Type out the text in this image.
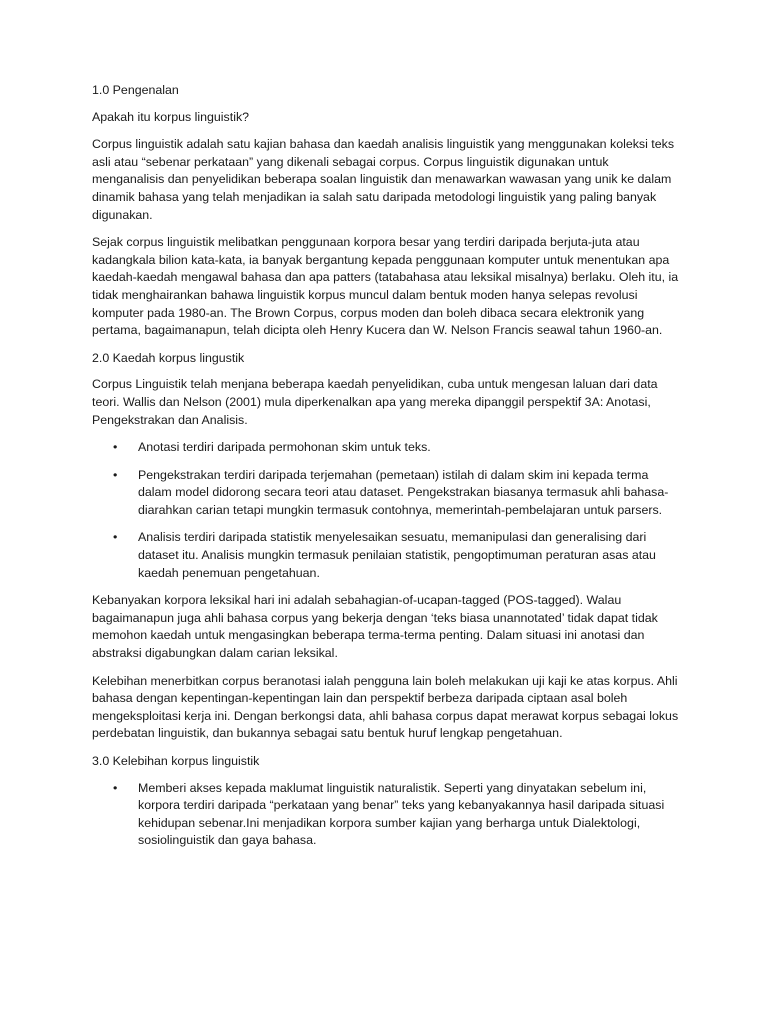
1.0 Pengenalan
Apakah itu korpus linguistik?
Corpus linguistik adalah satu kajian bahasa dan kaedah analisis linguistik yang menggunakan koleksi teks asli atau “sebenar perkataan” yang dikenali sebagai corpus. Corpus linguistik digunakan untuk menganalisis dan penyelidikan beberapa soalan linguistik dan menawarkan wawasan yang unik ke dalam dinamik bahasa yang telah menjadikan ia salah satu daripada metodologi linguistik yang paling banyak digunakan.
Sejak corpus linguistik melibatkan penggunaan korpora besar yang terdiri daripada berjuta-juta atau kadangkala bilion kata-kata, ia banyak bergantung kepada penggunaan komputer untuk menentukan apa kaedah-kaedah mengawal bahasa dan apa patters (tatabahasa atau leksikal misalnya) berlaku. Oleh itu, ia tidak menghairankan bahawa linguistik korpus muncul dalam bentuk moden hanya selepas revolusi komputer pada 1980-an. The Brown Corpus, corpus moden dan boleh dibaca secara elektronik yang pertama, bagaimanapun, telah dicipta oleh Henry Kucera dan W. Nelson Francis seawal tahun 1960-an.
2.0 Kaedah korpus lingustik
Corpus Linguistik telah menjana beberapa kaedah penyelidikan, cuba untuk mengesan laluan dari data teori. Wallis dan Nelson (2001) mula diperkenalkan apa yang mereka dipanggil perspektif 3A: Anotasi, Pengekstrakan dan Analisis.
• Anotasi terdiri daripada permohonan skim untuk teks.
• Pengekstrakan terdiri daripada terjemahan (pemetaan) istilah di dalam skim ini kepada terma dalam model didorong secara teori atau dataset. Pengekstrakan biasanya termasuk ahli bahasa-diarahkan carian tetapi mungkin termasuk contohnya, memerintah-pembelajaran untuk parsers.
• Analisis terdiri daripada statistik menyelesaikan sesuatu, memanipulasi dan generalising dari dataset itu. Analisis mungkin termasuk penilaian statistik, pengoptimuman peraturan asas atau kaedah penemuan pengetahuan.
Kebanyakan korpora leksikal hari ini adalah sebahagian-of-ucapan-tagged (POS-tagged). Walau bagaimanapun juga ahli bahasa corpus yang bekerja dengan ‘teks biasa unannotated’ tidak dapat tidak memohon kaedah untuk mengasingkan beberapa terma-terma penting. Dalam situasi ini anotasi dan abstraksi digabungkan dalam carian leksikal.
Kelebihan menerbitkan corpus beranotasi ialah pengguna lain boleh melakukan uji kaji ke atas korpus. Ahli bahasa dengan kepentingan-kepentingan lain dan perspektif berbeza daripada ciptaan asal boleh mengeksploitasi kerja ini. Dengan berkongsi data, ahli bahasa corpus dapat merawat korpus sebagai lokus perdebatan linguistik, dan bukannya sebagai satu bentuk huruf lengkap pengetahuan.
3.0 Kelebihan korpus linguistik
• Memberi akses kepada maklumat linguistik naturalistik. Seperti yang dinyatakan sebelum ini, korpora terdiri daripada “perkataan yang benar” teks yang kebanyakannya hasil daripada situasi kehidupan sebenar.Ini menjadikan korpora sumber kajian yang berharga untuk Dialektologi, sosiolinguistik dan gaya bahasa.
